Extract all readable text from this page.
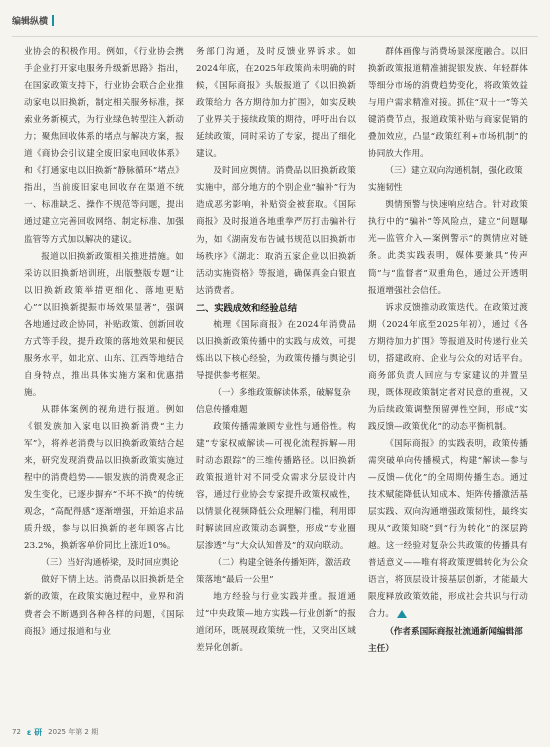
编辑纵横

业协会的积极作用。例如，《行业协会携手企业打开家电服务升级新思路》指出，在国家政策支持下，行业协会联合企业推动家电以旧换新，制定相关服务标准，探索业务新模式，为行业绿色转型注入新动力；聚焦回收体系的堵点与解决方案，报道《商协会引议建全废旧家电回收体系》和《打通家电以旧换新“静脉循环”堵点》指出，当前废旧家电回收存在渠道不统一、标准缺乏、操作不规范等问题，提出通过建立完善回收网络、制定标准、加强监管等方式加以解决的建议。

报道以旧换新政策相关推进措施。如采访以旧换新培训班，出版整版专题“让以旧换新政策举措更细化、落地更贴心”“以旧换新提振市场效果显著”，强调各地通过政企协同，补贴政策、创新回收方式等手段，提升政策的落地效果和便民服务水平，如北京、山东、江西等地结合自身特点，推出具体实施方案和优惠措施。

从群体案例的视角进行报道。例如《银发族加入家电以旧换新消费“主力军”》，将养老消费与以旧换新政策结合起来，研究发现消费品以旧换新政策实施过程中的消费趋势——银发族的消费观念正发生变化，已逐步摒弃“不坏不换”的传统观念，“高配得感”逐渐增强，开始追求品质升级，参与以旧换新的老年顾客占比23.2%，换新客单价同比上涨近10%。

（三）当好沟通桥梁，及时回应舆论

做好下情上达。消费品以旧换新是全新的政策，在政策实施过程中，业界和消费者会不断遇到各种各样的问题，《国际商报》通过报道和与业

务部门沟通，及时反馈业界诉求。如2024年底，在2025年政策尚未明确的时候，《国际商报》头版报道了《以旧换新政策给力 各方期待加力扩围》，如实反映了业界关于接续政策的期待，呼吁出台以延续政策，同时采访了专家，提出了细化建议。

及时回应舆情。消费品以旧换新政策实施中，部分地方的个别企业“骗补”行为造成恶劣影响，补贴资金被套取。《国际商报》及时报道各地重拳严厉打击骗补行为，如《湖南发布告诫书规范以旧换新市场秩序》《湖北：取消五家企业以旧换新活动实施资格》等报道，确保真金白银直达消费者。

二、实践成效和经验总结

梳理《国际商报》在2024年消费品以旧换新政策传播中的实践与成效，可提炼出以下核心经验，为政策传播与舆论引导提供参考框架。

（一）多维政策解读体系，破解复杂信息传播难题

政策传播需兼顾专业性与通俗性。构建“专家权威解读—可视化流程拆解—用时动态跟踪”的三维传播路径。以旧换新政策报道针对不同受众需求分层设计内容，通过行业协会专家提升政策权威性，以情景化视频降低公众理解门槛，利用即时解读回应政策动态调整，形成“专业圈层渗透”与“大众认知普及”的双向联动。

（二）构建全链条传播矩阵，激活政策落地“最后一公里”

地方经验与行业实践并重。报道通过“中央政策—地方实践—行业创新”的报道闭环，既展现政策统一性，又突出区域差异化创新。

群体画像与消费场景深度融合。以旧换新政策报道精准捕捉银发族、年轻群体等细分市场的消费趋势变化，将政策效益与用户需求精准对接。抓住“双十一”等关键消费节点，报道政策补贴与商家促销的叠加效应，凸显“政策红利+市场机制”的协同放大作用。

（三）建立双向沟通机制，强化政策实施韧性

舆情预警与快速响应结合。针对政策执行中的“骗补”等风险点，建立“问题曝光—监管介入—案例警示”的舆情应对链条。此类实践表明，媒体要兼具“传声筒”与“监督者”双重角色，通过公开透明报道增强社会信任。

诉求反馈推动政策迭代。在政策过渡期（2024年底至2025年初），通过《各方期待加力扩围》等报道及时传递行业关切，搭建政府、企业与公众的对话平台。商务部负责人回应与专家建议的并置呈现，既体现政策制定者对民意的重视，又为后续政策调整预留弹性空间，形成“实践反馈—政策优化”的动态平衡机制。

《国际商报》的实践表明，政策传播需突破单向传播模式，构建“解读—参与—反馈—优化”的全周期传播生态。通过技术赋能降低认知成本、矩阵传播激活基层实践、双向沟通增强政策韧性，最终实现从“政策知晓”到“行为转化”的深层跨越。这一经验对复杂公共政策的传播具有普适意义——唯有将政策逻辑转化为公众语言，将顶层设计接基层创新，才能最大限度释放政策效能，形成社会共识与行动合力。

（作者系国际商报社流通新闻编辑部主任）

72 ε 研 2025 年第 2 期
